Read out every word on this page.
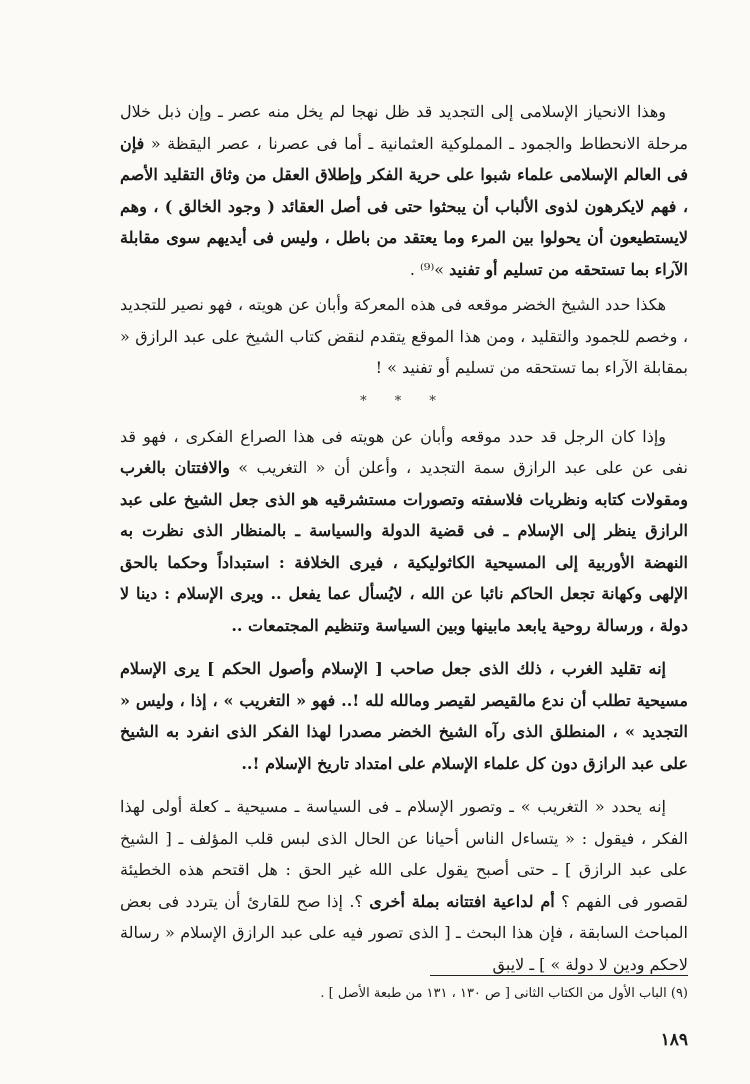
وهذا الانحياز الإسلامى إلى التجديد قد ظل نهجا لم يخل منه عصر ـ وإن ذبل خلال مرحلة الانحطاط والجمود ـ المملوكية العثمانية ـ أما فى عصرنا ، عصر اليقظة « فإن فى العالم الإسلامى علماء شبوا على حرية الفكر وإطلاق العقل من وثاق التقليد الأصم ، فهم لايكرهون لذوى الألباب أن يبحثوا حتى فى أصل العقائد ( وجود الخالق ) ، وهم لايستطيعون أن يحولوا بين المرء وما يعتقد من باطل ، وليس فى أيديهم سوى مقابلة الآراء بما تستحقه من تسليم أو تفنيد »⁽⁹⁾ .

هكذا حدد الشيخ الخضر موقعه فى هذه المعركة وأبان عن هويته ، فهو نصير للتجديد ، وخصم للجمود والتقليد ، ومن هذا الموقع يتقدم لنقض كتاب الشيخ على عبد الرازق « بمقابلة الآراء بما تستحقه من تسليم أو تفنيد » !

* * *

وإذا كان الرجل قد حدد موقعه وأبان عن هويته فى هذا الصراع الفكرى ، فهو قد نفى عن على عبد الرازق سمة التجديد ، وأعلن أن « التغريب » والافتتان بالغرب ومقولات كتابه ونظريات فلاسفته وتصورات مستشرقيه هو الذى جعل الشيخ على عبد الرازق ينظر إلى الإسلام ـ فى قضية الدولة والسياسة ـ بالمنظار الذى نظرت به النهضة الأوربية إلى المسيحية الكاثوليكية ، فيرى الخلافة : استبداداً وحكما بالحق الإلهى وكهانة تجعل الحاكم نائبا عن الله ، لايُسأل عما يفعل .. ويرى الإسلام : دينا لا دولة ، ورسالة روحية يابعد مابينها وبين السياسة وتنظيم المجتمعات ..

إنه تقليد الغرب ، ذلك الذى جعل صاحب [ الإسلام وأصول الحكم ] يرى الإسلام مسيحية تطلب أن ندع مالقيصر لقيصر ومالله لله !.. فهو « التغريب » ، إذا ، وليس « التجديد » ، المنطلق الذى رآه الشيخ الخضر مصدرا لهذا الفكر الذى انفرد به الشيخ على عبد الرازق دون كل علماء الإسلام على امتداد تاريخ الإسلام !..

إنه يحدد « التغريب » ـ وتصور الإسلام ـ فى السياسة ـ مسيحية ـ كعلة أولى لهذا الفكر ، فيقول : « يتساءل الناس أحيانا عن الحال الذى لبس قلب المؤلف ـ [ الشيخ على عبد الرازق ] ـ حتى أصبح يقول على الله غير الحق : هل اقتحم هذه الخطيئة لقصور فى الفهم ؟ أم لداعية افتتانه بملة أخرى ؟. إذا صح للقارئ أن يتردد فى بعض المباحث السابقة ، فإن هذا البحث ـ [ الذى تصور فيه على عبد الرازق الإسلام « رسالة لاحكم ودين لا دولة » ] ـ لايبق

(٩) الباب الأول من الكتاب الثانى [ ص ١٣٠ ، ١٣١ من طبعة الأصل ] .
١٨٩
